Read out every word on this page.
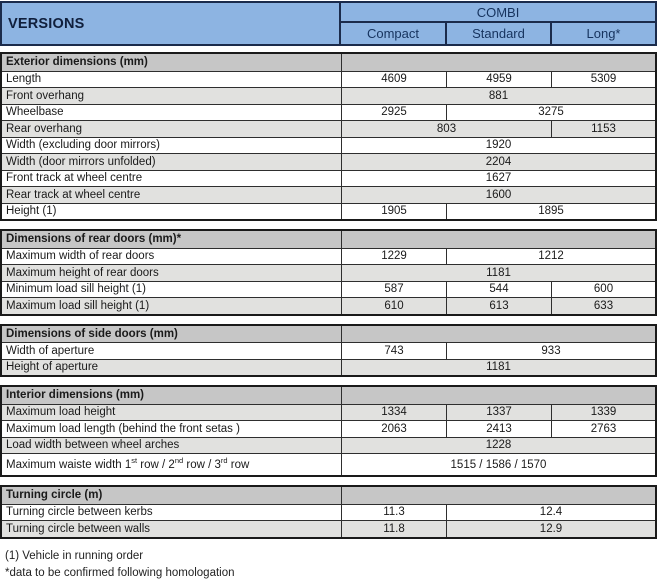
VERSIONS
COMBI
Compact	Standard	Long*
Exterior dimensions (mm)
Length	4609	4959	5309
Front overhang	881
Wheelbase	2925	3275
Rear overhang	803	1153
Width (excluding door mirrors)	1920
Width (door mirrors unfolded)	2204
Front track at wheel centre	1627
Rear track at wheel centre	1600
Height (1)	1905	1895
Dimensions of rear doors (mm)*
Maximum width of rear doors	1229	1212
Maximum height of rear doors	1181
Minimum load sill height (1)	587	544	600
Maximum load sill height (1)	610	613	633
Dimensions of side doors (mm)
Width of aperture	743	933
Height of aperture	1181
Interior dimensions (mm)
Maximum load height	1334	1337	1339
Maximum load length (behind the front setas )	2063	2413	2763
Load width between wheel arches	1228
Maximum waiste width 1st row / 2nd row / 3rd row	1515 / 1586 / 1570
Turning circle (m)
Turning circle between kerbs	11.3	12.4
Turning circle between walls	11.8	12.9
(1) Vehicle in running order
*data to be confirmed following homologation
